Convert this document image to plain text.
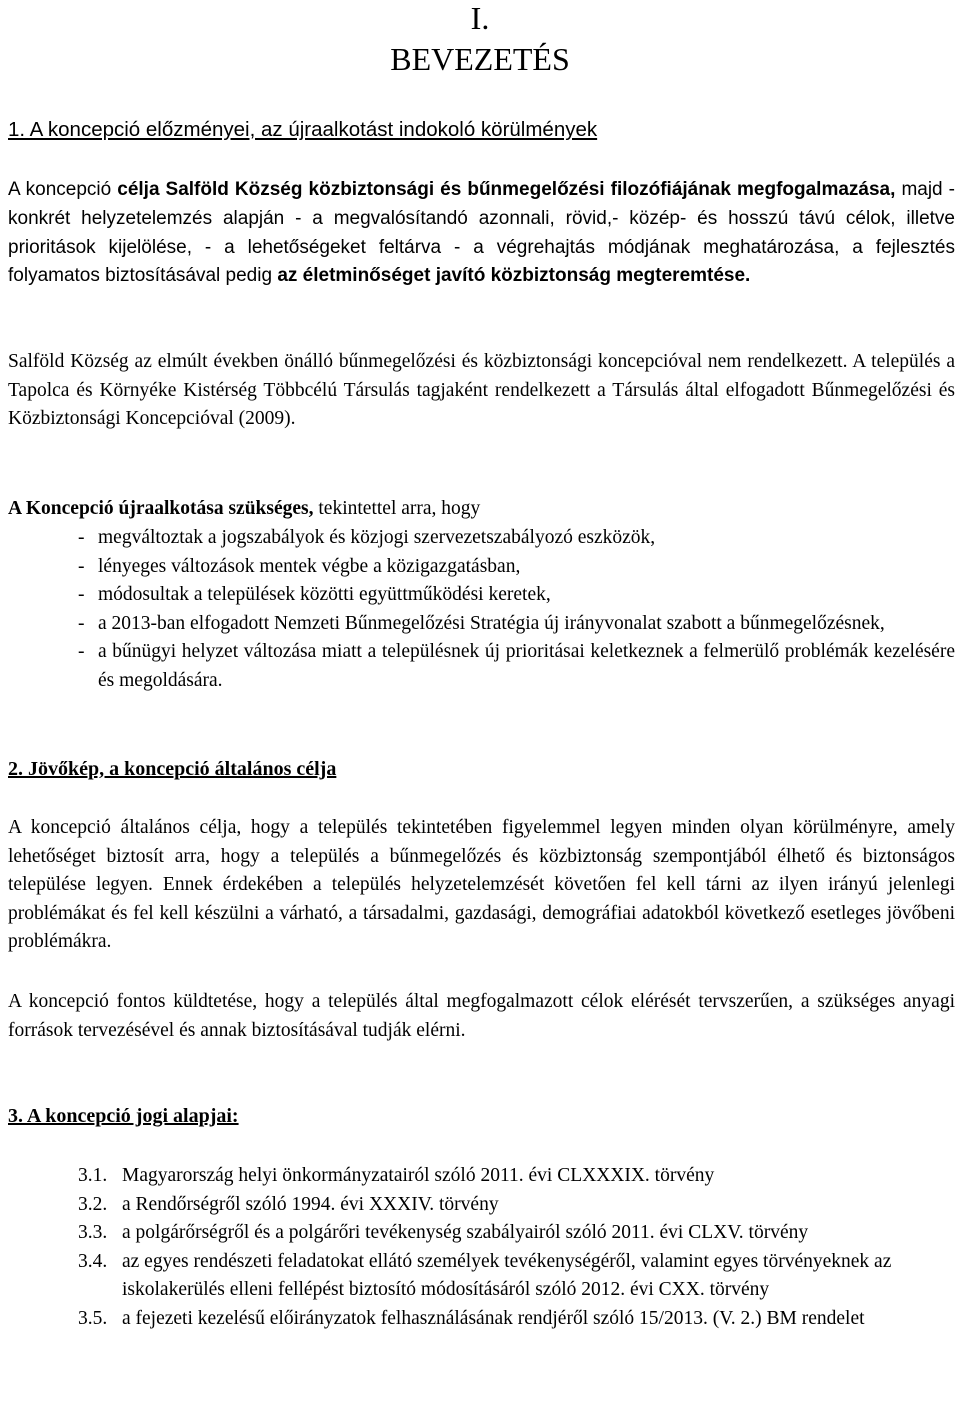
I.
BEVEZETÉS
1. A koncepció előzményei, az újraalkotást indokoló körülmények
A koncepció célja Salföld Község közbiztonsági és bűnmegelőzési filozófiájának megfogalmazása, majd - konkrét helyzetelemzés alapján - a megvalósítandó azonnali, rövid,- közép- és hosszú távú célok, illetve prioritások kijelölése, - a lehetőségeket feltárva - a végrehajtás módjának meghatározása, a fejlesztés folyamatos biztosításával pedig az életminőséget javító közbiztonság megteremtése.
Salföld Község az elmúlt években önálló bűnmegelőzési és közbiztonsági koncepcióval nem rendelkezett. A település a Tapolca és Környéke Kistérség Többcélú Társulás tagjaként rendelkezett a Társulás által elfogadott Bűnmegelőzési és Közbiztonsági Koncepcióval (2009).
A Koncepció újraalkotása szükséges, tekintettel arra, hogy
- megváltoztak a jogszabályok és közjogi szervezetszabályozó eszközök,
- lényeges változások mentek végbe a közigazgatásban,
- módosultak a települések közötti együttműködési keretek,
- a 2013-ban elfogadott Nemzeti Bűnmegelőzési Stratégia új irányvonalat szabott a bűnmegelőzésnek,
- a bűnügyi helyzet változása miatt a településnek új prioritásai keletkeznek a felmerülő problémák kezelésére és megoldására.
2. Jövőkép, a koncepció általános célja
A koncepció általános célja, hogy a település tekintetében figyelemmel legyen minden olyan körülményre, amely lehetőséget biztosít arra, hogy a település a bűnmegelőzés és közbiztonság szempontjából élhető és biztonságos települése legyen. Ennek érdekében a település helyzetelemzését követően fel kell tárni az ilyen irányú jelenlegi problémákat és fel kell készülni a várható, a társadalmi, gazdasági, demográfiai adatokból következő esetleges jövőbeni problémákra.
A koncepció fontos küldtetése, hogy a település által megfogalmazott célok elérését tervszerűen, a szükséges anyagi források tervezésével és annak biztosításával tudják elérni.
3. A koncepció jogi alapjai:
3.1. Magyarország helyi önkormányzatairól szóló 2011. évi CLXXXIX. törvény
3.2. a Rendőrségről szóló 1994. évi XXXIV. törvény
3.3. a polgárőrségről és a polgárőri tevékenység szabályairól szóló 2011. évi CLXV. törvény
3.4. az egyes rendészeti feladatokat ellátó személyek tevékenységéről, valamint egyes törvényeknek az iskolakerülés elleni fellépést biztosító módosításáról szóló 2012. évi CXX. törvény
3.5. a fejezeti kezelésű előirányzatok felhasználásának rendjéről szóló 15/2013. (V. 2.) BM rendelet
